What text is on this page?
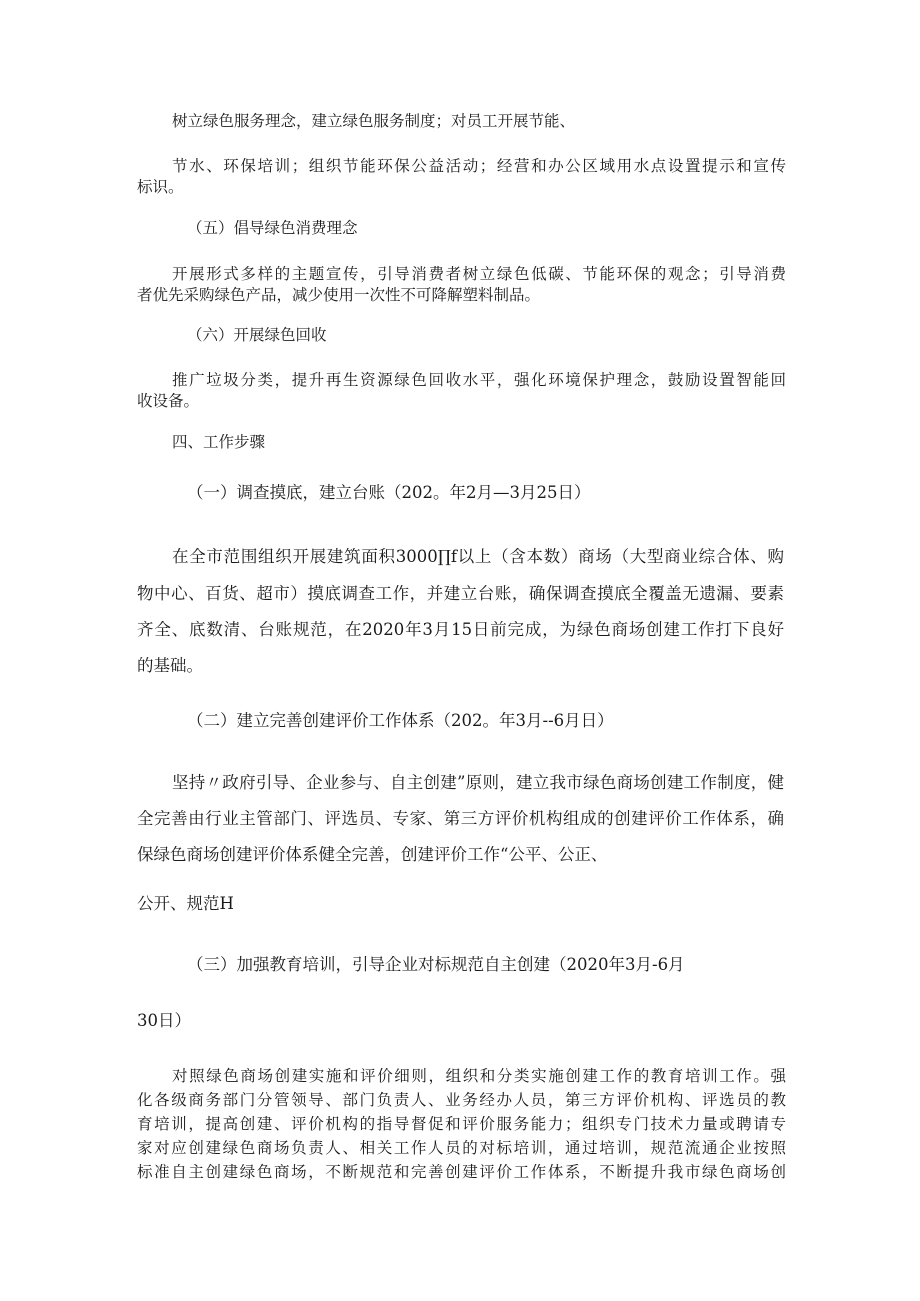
树立绿色服务理念，建立绿色服务制度；对员工开展节能、
节水、环保培训；组织节能环保公益活动；经营和办公区域用水点设置提示和宣传
标识。
（五）倡导绿色消费理念
开展形式多样的主题宣传，引导消费者树立绿色低碳、节能环保的观念；引导消费
者优先采购绿色产品，减少使用一次性不可降解塑料制品。
（六）开展绿色回收
推广垃圾分类，提升再生资源绿色回收水平，强化环境保护理念，鼓励设置智能回
收设备。
四、工作步骤
（一）调查摸底，建立台账（202。年2月—3月25日）
在全市范围组织开展建筑面积3000∏f以上（含本数）商场（大型商业综合体、购
物中心、百货、超市）摸底调查工作，并建立台账，确保调查摸底全覆盖无遗漏、要素
齐全、底数清、台账规范，在2020年3月15日前完成，为绿色商场创建工作打下良好
的基础。
（二）建立完善创建评价工作体系（202。年3月--6月日）
坚持〃政府引导、企业参与、自主创建”原则，建立我市绿色商场创建工作制度，健
全完善由行业主管部门、评选员、专家、第三方评价机构组成的创建评价工作体系，确
保绿色商场创建评价体系健全完善，创建评价工作“公平、公正、
公开、规范H
（三）加强教育培训，引导企业对标规范自主创建（2020年3月-6月
30日）
对照绿色商场创建实施和评价细则，组织和分类实施创建工作的教育培训工作。强
化各级商务部门分管领导、部门负责人、业务经办人员，第三方评价机构、评选员的教
育培训，提高创建、评价机构的指导督促和评价服务能力；组织专门技术力量或聘请专
家对应创建绿色商场负责人、相关工作人员的对标培训，通过培训，规范流通企业按照
标准自主创建绿色商场，不断规范和完善创建评价工作体系，不断提升我市绿色商场创
